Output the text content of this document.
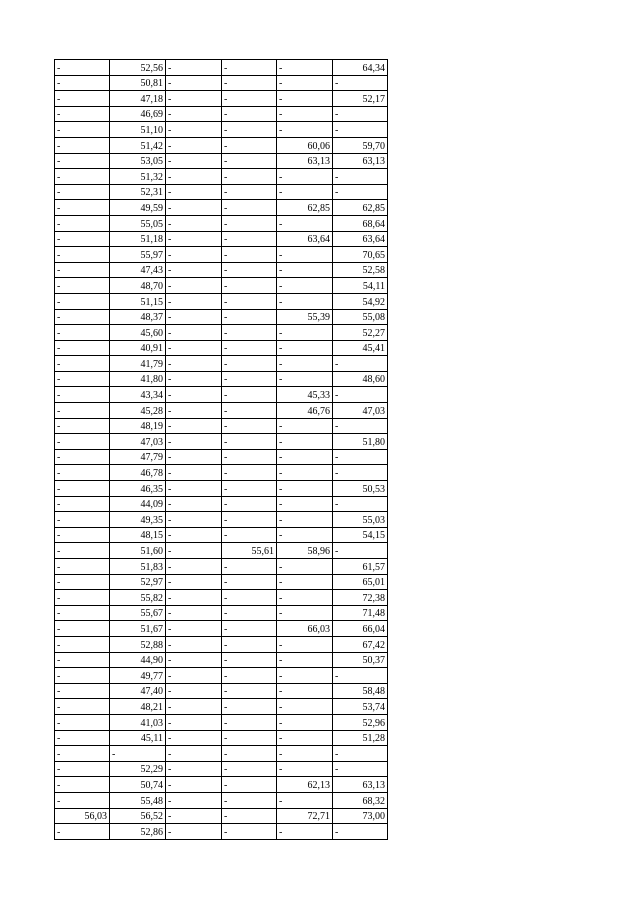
-	52,56	-	-	-	64,34
-	50,81	-	-	-	-
-	47,18	-	-	-	52,17
-	46,69	-	-	-	-
-	51,10	-	-	-	-
-	51,42	-	-	60,06	59,70
-	53,05	-	-	63,13	63,13
-	51,32	-	-	-	-
-	52,31	-	-	-	-
-	49,59	-	-	62,85	62,85
-	55,05	-	-	-	68,64
-	51,18	-	-	63,64	63,64
-	55,97	-	-	-	70,65
-	47,43	-	-	-	52,58
-	48,70	-	-	-	54,11
-	51,15	-	-	-	54,92
-	48,37	-	-	55,39	55,08
-	45,60	-	-	-	52,27
-	40,91	-	-	-	45,41
-	41,79	-	-	-	-
-	41,80	-	-	-	48,60
-	43,34	-	-	45,33	-
-	45,28	-	-	46,76	47,03
-	48,19	-	-	-	-
-	47,03	-	-	-	51,80
-	47,79	-	-	-	-
-	46,78	-	-	-	-
-	46,35	-	-	-	50,53
-	44,09	-	-	-	-
-	49,35	-	-	-	55,03
-	48,15	-	-	-	54,15
-	51,60	-	55,61	58,96	-
-	51,83	-	-	-	61,57
-	52,97	-	-	-	65,01
-	55,82	-	-	-	72,38
-	55,67	-	-	-	71,48
-	51,67	-	-	66,03	66,04
-	52,88	-	-	-	67,42
-	44,90	-	-	-	50,37
-	49,77	-	-	-	-
-	47,40	-	-	-	58,48
-	48,21	-	-	-	53,74
-	41,03	-	-	-	52,96
-	45,11	-	-	-	51,28
-	-	-	-	-	-
-	52,29	-	-	-	-
-	50,74	-	-	62,13	63,13
-	55,48	-	-	-	68,32
56,03	56,52	-	-	72,71	73,00
-	52,86	-	-	-	-
